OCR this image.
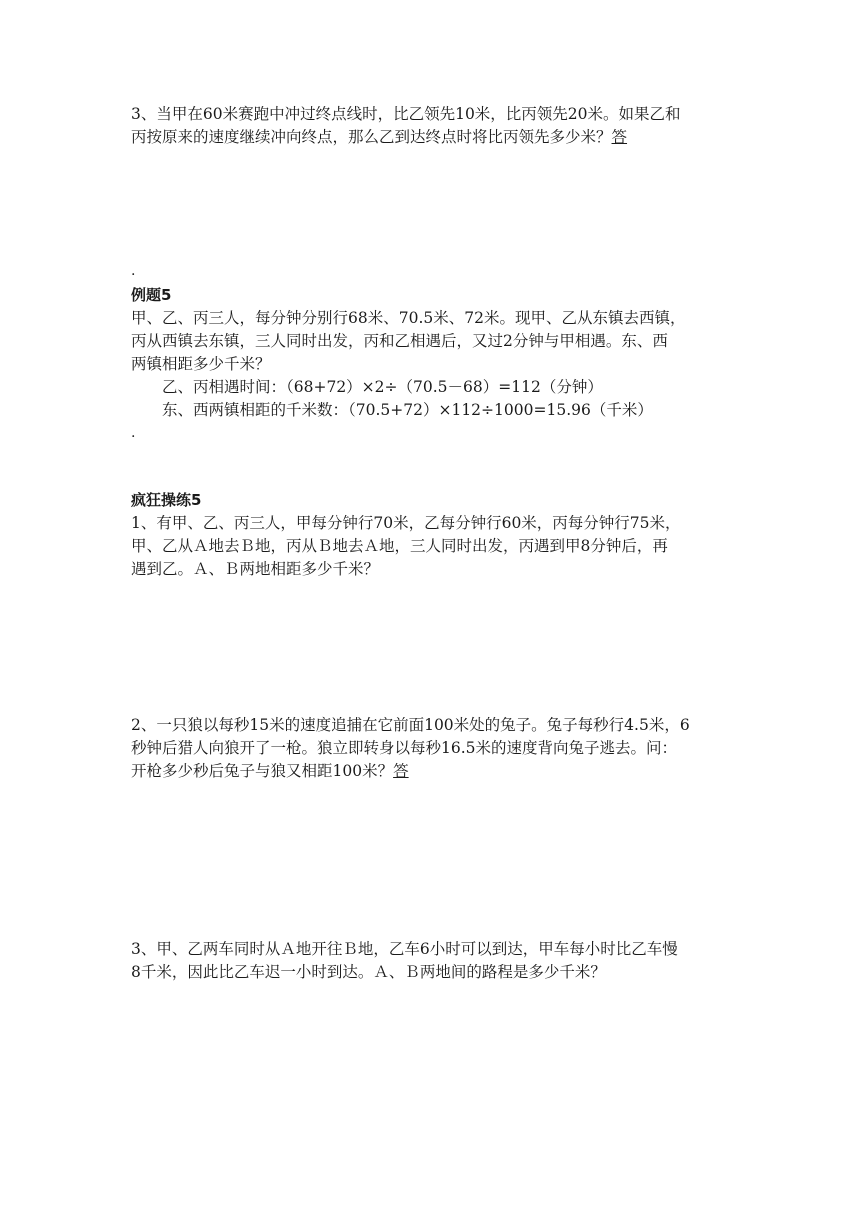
3、当甲在60米赛跑中冲过终点线时，比乙领先10米，比丙领先20米。如果乙和
丙按原来的速度继续冲向终点，那么乙到达终点时将比丙领先多少米？答
.
例题5
甲、乙、丙三人，每分钟分别行68米、70.5米、72米。现甲、乙从东镇去西镇，
丙从西镇去东镇，三人同时出发，丙和乙相遇后，又过2分钟与甲相遇。东、西
两镇相距多少千米？
乙、丙相遇时间：（68+72）×2÷（70.5－68）=112（分钟）
东、西两镇相距的千米数：（70.5+72）×112÷1000=15.96（千米）
.
疯狂操练5
1、有甲、乙、丙三人，甲每分钟行70米，乙每分钟行60米，丙每分钟行75米，
甲、乙从Ａ地去Ｂ地，丙从Ｂ地去Ａ地，三人同时出发，丙遇到甲8分钟后，再
遇到乙。Ａ、Ｂ两地相距多少千米？
2、一只狼以每秒15米的速度追捕在它前面100米处的兔子。兔子每秒行4.5米，6
秒钟后猎人向狼开了一枪。狼立即转身以每秒16.5米的速度背向兔子逃去。问：
开枪多少秒后兔子与狼又相距100米？答
3、甲、乙两车同时从Ａ地开往Ｂ地，乙车6小时可以到达，甲车每小时比乙车慢
8千米，因此比乙车迟一小时到达。Ａ、Ｂ两地间的路程是多少千米？
